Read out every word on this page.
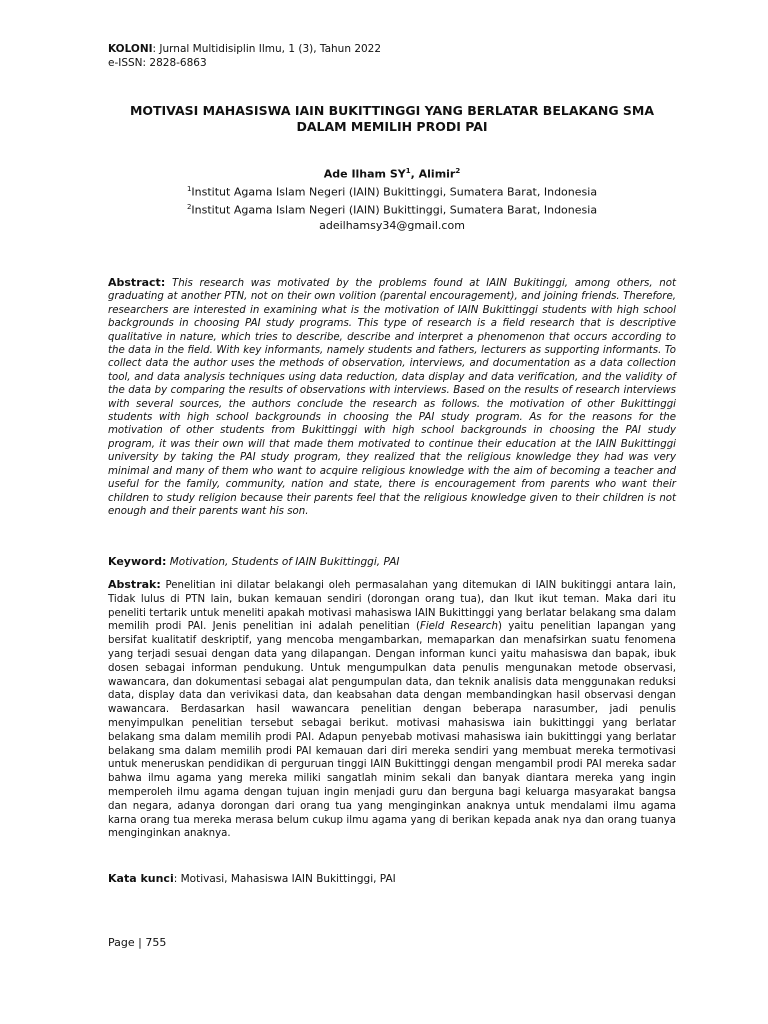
KOLONI: Jurnal Multidisiplin Ilmu, 1 (3), Tahun 2022
e-ISSN: 2828-6863
MOTIVASI MAHASISWA IAIN BUKITTINGGI YANG BERLATAR BELAKANG SMA DALAM MEMILIH PRODI PAI
Ade Ilham $SY^1$, Alimir$^2$
$^1$Institut Agama Islam Negeri (IAIN) Bukittinggi, Sumatera Barat, Indonesia
$^2$Institut Agama Islam Negeri (IAIN) Bukittinggi, Sumatera Barat, Indonesia
adeilhamsy34@gmail.com
Abstract: This research was motivated by the problems found at IAIN Bukitinggi, among others, not graduating at another PTN, not on their own volition (parental encouragement), and joining friends. Therefore, researchers are interested in examining what is the motivation of IAIN Bukittinggi students with high school backgrounds in choosing PAI study programs. This type of research is a field research that is descriptive qualitative in nature, which tries to describe, describe and interpret a phenomenon that occurs according to the data in the field. With key informants, namely students and fathers, lecturers as supporting informants. To collect data the author uses the methods of observation, interviews, and documentation as a data collection tool, and data analysis techniques using data reduction, data display and data verification, and the validity of the data by comparing the results of observations with interviews. Based on the results of research interviews with several sources, the authors conclude the research as follows. the motivation of other Bukittinggi students with high school backgrounds in choosing the PAI study program. As for the reasons for the motivation of other students from Bukittinggi with high school backgrounds in choosing the PAI study program, it was their own will that made them motivated to continue their education at the IAIN Bukittinggi university by taking the PAI study program, they realized that the religious knowledge they had was very minimal and many of them who want to acquire religious knowledge with the aim of becoming a teacher and useful for the family, community, nation and state, there is encouragement from parents who want their children to study religion because their parents feel that the religious knowledge given to their children is not enough and their parents want his son.
Keyword: Motivation, Students of IAIN Bukittinggi, PAI
Abstrak: Penelitian ini dilatar belakangi oleh permasalahan yang ditemukan di IAIN bukitinggi antara lain, Tidak lulus di PTN lain, bukan kemauan sendiri (dorongan orang tua), dan Ikut ikut teman. Maka dari itu peneliti tertarik untuk meneliti apakah motivasi mahasiswa IAIN Bukittinggi yang berlatar belakang sma dalam memilih prodi PAI. Jenis penelitian ini adalah penelitian (Field Research) yaitu penelitian lapangan yang bersifat kualitatif deskriptif, yang mencoba mengambarkan, memaparkan dan menafsirkan suatu fenomena yang terjadi sesuai dengan data yang dilapangan. Dengan informan kunci yaitu mahasiswa dan bapak, ibuk dosen sebagai informan pendukung. Untuk mengumpulkan data penulis mengunakan metode observasi, wawancara, dan dokumentasi sebagai alat pengumpulan data, dan teknik analisis data menggunakan reduksi data, display data dan verivikasi data, dan keabsahan data dengan membandingkan hasil observasi dengan wawancara. Berdasarkan hasil wawancara penelitian dengan beberapa narasumber, jadi penulis menyimpulkan penelitian tersebut sebagai berikut. motivasi mahasiswa iain bukittinggi yang berlatar belakang sma dalam memilih prodi PAI. Adapun penyebab motivasi mahasiswa iain bukittinggi yang berlatar belakang sma dalam memilih prodi PAI kemauan dari diri mereka sendiri yang membuat mereka termotivasi untuk meneruskan pendidikan di perguruan tinggi IAIN Bukittinggi dengan mengambil prodi PAI mereka sadar bahwa ilmu agama yang mereka miliki sangatlah minim sekali dan banyak diantara mereka yang ingin memperoleh ilmu agama dengan tujuan ingin menjadi guru dan berguna bagi keluarga masyarakat bangsa dan negara, adanya dorongan dari orang tua yang menginginkan anaknya untuk mendalami ilmu agama karna orang tua mereka merasa belum cukup ilmu agama yang di berikan kepada anak nya dan orang tuanya menginginkan anaknya.
Kata kunci: Motivasi, Mahasiswa IAIN Bukittinggi, PAI
Page | 755
